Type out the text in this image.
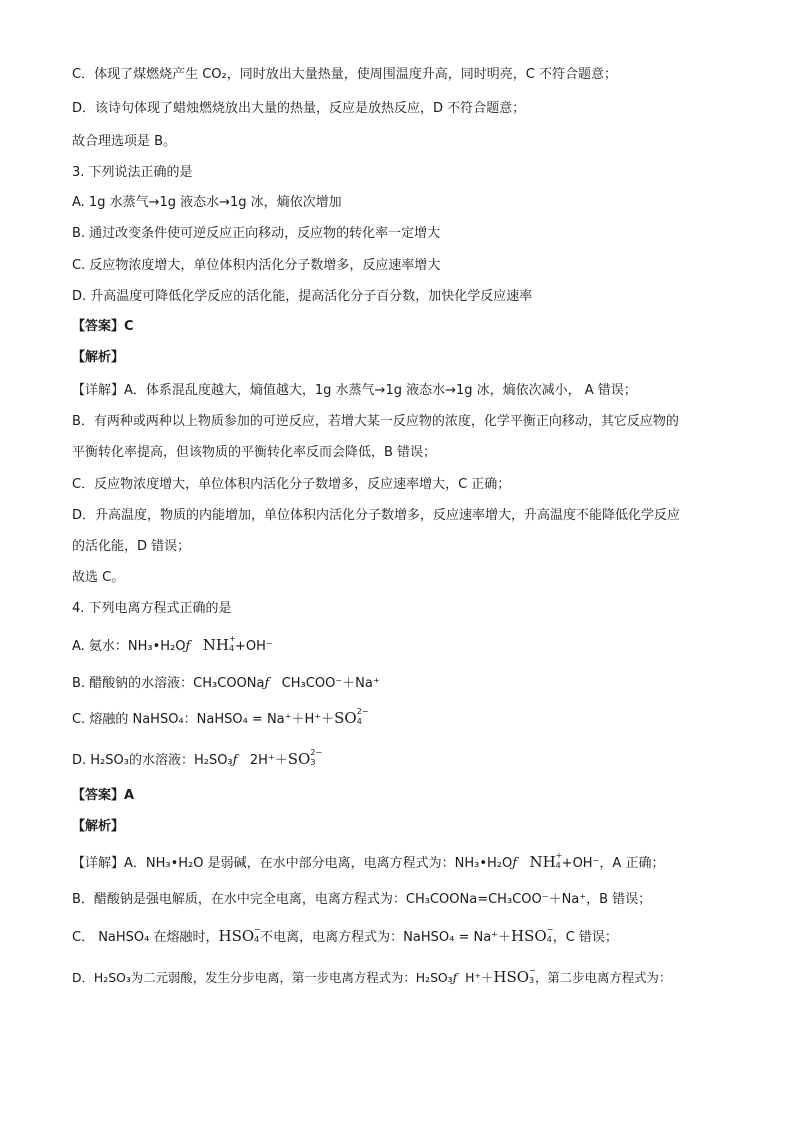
C．体现了煤燃烧产生 CO₂，同时放出大量热量，使周围温度升高，同时明亮，C 不符合题意；
D．该诗句体现了蜡烛燃烧放出大量的热量，反应是放热反应，D 不符合题意；
故合理选项是 B。
3. 下列说法正确的是
A. 1g 水蒸气→1g 液态水→1g 冰，熵依次增加
B. 通过改变条件使可逆反应正向移动，反应物的转化率一定增大
C. 反应物浓度增大，单位体积内活化分子数增多，反应速率增大
D. 升高温度可降低化学反应的活化能，提高活化分子百分数，加快化学反应速率
【答案】C
【解析】
【详解】A．体系混乱度越大，熵值越大，1g 水蒸气→1g 液态水→1g 冰，熵依次减小， A 错误；
B．有两种或两种以上物质参加的可逆反应，若增大某一反应物的浓度，化学平衡正向移动，其它反应物的
平衡转化率提高，但该物质的平衡转化率反而会降低，B 错误；
C．反应物浓度增大，单位体积内活化分子数增多，反应速率增大，C 正确；
D．升高温度，物质的内能增加，单位体积内活化分子数增多，反应速率增大，升高温度不能降低化学反应
的活化能，D 错误；
故选 C。
4. 下列电离方程式正确的是
A. 氨水：NH₃•H₂Oƒ NH +
4 +OH⁻
B. 醋酸钠的水溶液：CH₃COONaƒ CH₃COO⁻＋Na⁺
C. 熔融的 NaHSO₄：NaHSO₄ = Na⁺＋H⁺＋SO 2−
4
D. H₂SO₃的水溶液：H₂SO₃ƒ 2H⁺＋SO 2−
3
【答案】A
【解析】
【详解】A．NH₃•H₂O 是弱碱，在水中部分电离，电离方程式为：NH₃•H₂Oƒ NH +
4 +OH⁻，A 正确；
B．醋酸钠是强电解质，在水中完全电离，电离方程式为：CH₃COONa=CH₃COO⁻＋Na⁺，B 错误；
C． NaHSO₄ 在熔融时，HSO −
4 不电离，电离方程式为：NaHSO₄ = Na⁺＋HSO −
4 ，C 错误；
D．H₂SO₃为二元弱酸，发生分步电离，第一步电离方程式为：H₂SO₃ƒ H⁺＋HSO −
3 ，第二步电离方程式为：
